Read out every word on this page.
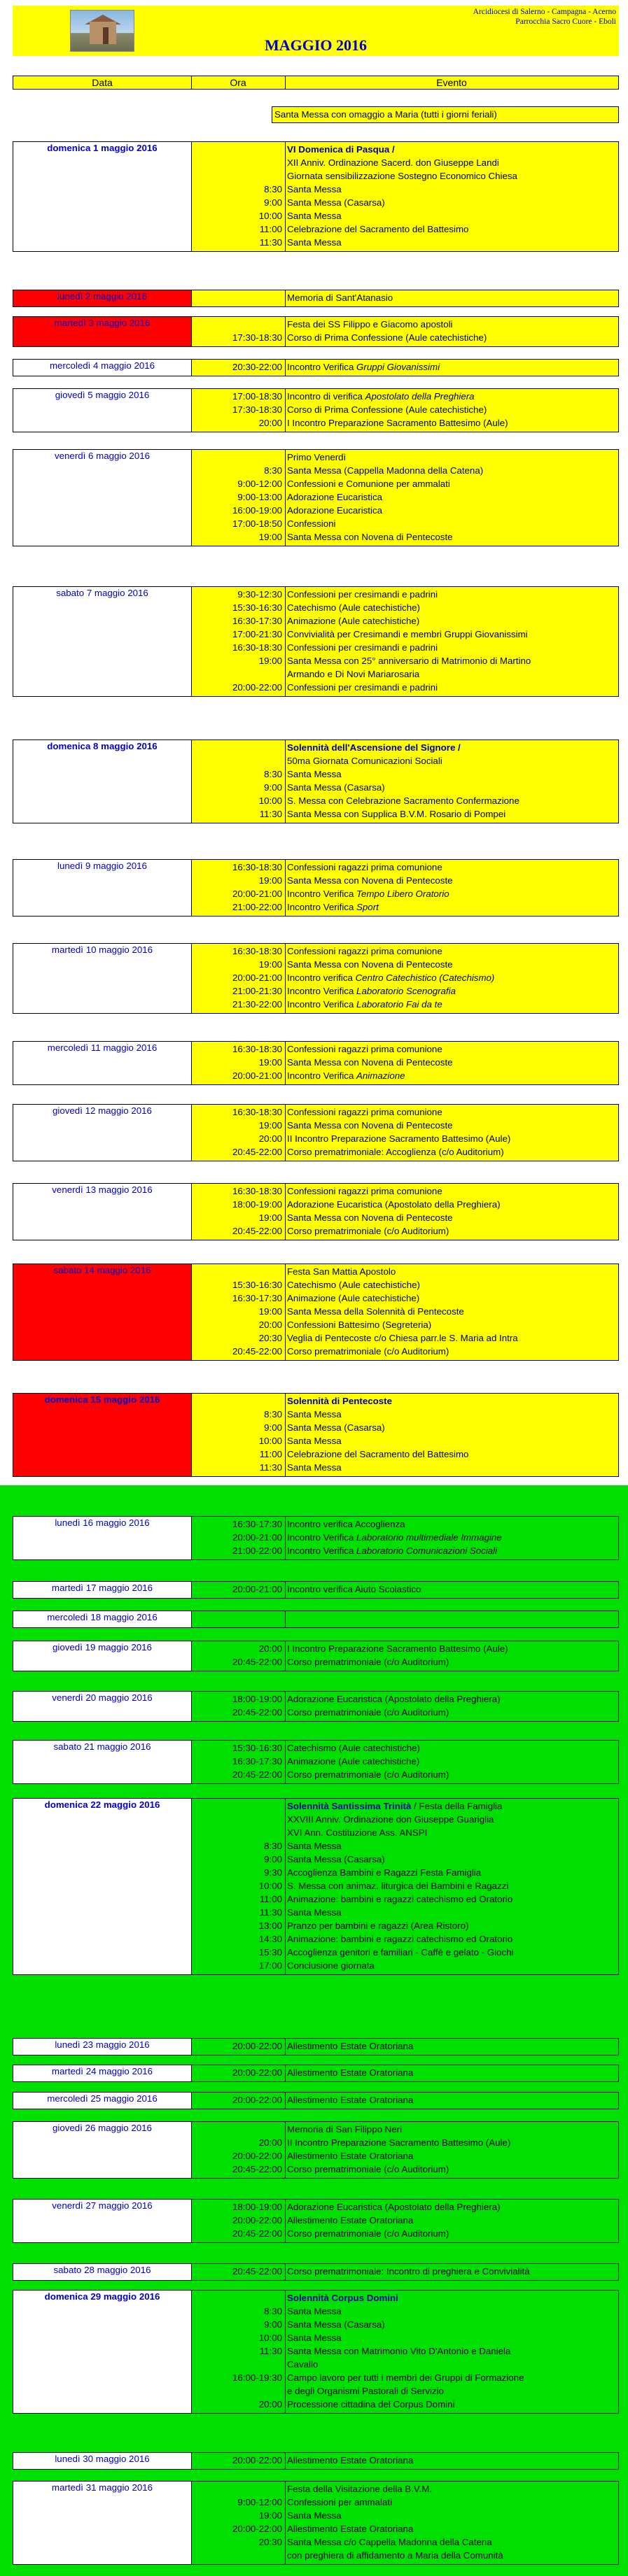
Arcidiocesi di Salerno - Campagna - Acerno
Parrocchia Sacro Cuore - Eboli
MAGGIO 2016
Data	Ora	Evento
Santa Messa con omaggio a Maria (tutti i giorni feriali)
domenica 1 maggio 2016	VI Domenica di Pasqua /
XII Anniv. Ordinazione Sacerd. don Giuseppe Landi
Giornata sensibilizzazione Sostegno Economico Chiesa
8:30 Santa Messa
9:00 Santa Messa (Casarsa)
10:00 Santa Messa
11:00 Celebrazione del Sacramento del Battesimo
11:30 Santa Messa
lunedì 2 maggio 2016	Memoria di Sant'Atanasio
martedì 3 maggio 2016	Festa dei SS Filippo e Giacomo apostoli
17:30-18:30 Corso di Prima Confessione (Aule catechistiche)
mercoledì 4 maggio 2016	20:30-22:00 Incontro Verifica Gruppi Giovanissimi
giovedì 5 maggio 2016	17:00-18:30 Incontro di verifica Apostolato della Preghiera
17:30-18:30 Corso di Prima Confessione (Aule catechistiche)
20:00 I Incontro Preparazione Sacramento Battesimo (Aule)
venerdì 6 maggio 2016	Primo Venerdì
8:30 Santa Messa (Cappella Madonna della Catena)
9:00-12:00 Confessioni e Comunione per ammalati
9:00-13:00 Adorazione Eucaristica
16:00-19:00 Adorazione Eucaristica
17:00-18:50 Confessioni
19:00 Santa Messa con Novena di Pentecoste
sabato 7 maggio 2016	9:30-12:30 Confessioni per cresimandi e padrini
15:30-16:30 Catechismo (Aule catechistiche)
16:30-17:30 Animazione (Aule catechistiche)
17:00-21:30 Convivialità per Cresimandi e membri Gruppi Giovanissimi
16:30-18:30 Confessioni per cresimandi e padrini
19:00 Santa Messa con 25° anniversario di Matrimonio di Martino
Armando e Di Novi Mariarosaria
20:00-22:00 Confessioni per cresimandi e padrini
domenica 8 maggio 2016	Solennità dell'Ascensione del Signore /
50ma Giornata Comunicazioni Sociali
8:30 Santa Messa
9:00 Santa Messa (Casarsa)
10:00 S. Messa con Celebrazione Sacramento Confermazione
11:30 Santa Messa con Supplica B.V.M. Rosario di Pompei
lunedì 9 maggio 2016	16:30-18:30 Confessioni ragazzi prima comunione
19:00 Santa Messa con Novena di Pentecoste
20:00-21:00 Incontro Verifica Tempo Libero Oratorio
21:00-22:00 Incontro Verifica Sport
martedì 10 maggio 2016	16:30-18:30 Confessioni ragazzi prima comunione
19:00 Santa Messa con Novena di Pentecoste
20:00-21:00 Incontro verifica Centro Catechistico (Catechismo)
21:00-21:30 Incontro Verifica Laboratorio Scenografia
21:30-22:00 Incontro Verifica Laboratorio Fai da te
mercoledì 11 maggio 2016	16:30-18:30 Confessioni ragazzi prima comunione
19:00 Santa Messa con Novena di Pentecoste
20:00-21:00 Incontro Verifica Animazione
giovedì 12 maggio 2016	16:30-18:30 Confessioni ragazzi prima comunione
19:00 Santa Messa con Novena di Pentecoste
20:00 II Incontro Preparazione Sacramento Battesimo (Aule)
20:45-22:00 Corso prematrimoniale: Accoglienza (c/o Auditorium)
venerdì 13 maggio 2016	16:30-18:30 Confessioni ragazzi prima comunione
18:00-19:00 Adorazione Eucaristica (Apostolato della Preghiera)
19:00 Santa Messa con Novena di Pentecoste
20:45-22:00 Corso prematrimoniale (c/o Auditorium)
sabato 14 maggio 2016	Festa San Mattia Apostolo
15:30-16:30 Catechismo (Aule catechistiche)
16:30-17:30 Animazione (Aule catechistiche)
19:00 Santa Messa della Solennità di Pentecoste
20:00 Confessioni Battesimo (Segreteria)
20:30 Veglia di Pentecoste c/o Chiesa parr.le S. Maria ad Intra
20:45-22:00 Corso prematrimoniale (c/o Auditorium)
domenica 15 maggio 2016	Solennità di Pentecoste
8:30 Santa Messa
9:00 Santa Messa (Casarsa)
10:00 Santa Messa
11:00 Celebrazione del Sacramento del Battesimo
11:30 Santa Messa
lunedì 16 maggio 2016	16:30-17:30 Incontro verifica Accoglienza
20:00-21:00 Incontro Verifica Laboratorio multimediale Immagine
21:00-22:00 Incontro Verifica Laboratorio Comunicazioni Sociali
martedì 17 maggio 2016	20:00-21:00 Incontro verifica Aiuto Scolastico
mercoledì 18 maggio 2016
giovedì 19 maggio 2016	20:00 I Incontro Preparazione Sacramento Battesimo (Aule)
20:45-22:00 Corso prematrimoniale (c/o Auditorium)
venerdì 20 maggio 2016	18:00-19:00 Adorazione Eucaristica (Apostolato della Preghiera)
20:45-22:00 Corso prematrimoniale (c/o Auditorium)
sabato 21 maggio 2016	15:30-16:30 Catechismo (Aule catechistiche)
16:30-17:30 Animazione (Aule catechistiche)
20:45-22:00 Corso prematrimoniale (c/o Auditorium)
domenica 22 maggio 2016	Solennità Santissima Trinità / Festa della Famiglia
XXVIII Anniv. Ordinazione don Giuseppe Guariglia
XVI Ann. Costituzione Ass. ANSPI
8:30 Santa Messa
9:00 Santa Messa (Casarsa)
9:30 Accoglienza Bambini e Ragazzi Festa Famiglia
10:00 S. Messa con animaz. liturgica dei Bambini e Ragazzi
11:00 Animazione: bambini e ragazzi catechismo ed Oratorio
11:30 Santa Messa
13:00 Pranzo per bambini e ragazzi (Area Ristoro)
14:30 Animazione: bambini e ragazzi catechismo ed Oratorio
15:30 Accoglienza genitori e familiari - Caffè e gelato - Giochi
17:00 Conclusione giornata
lunedì 23 maggio 2016	20:00-22:00 Allestimento Estate Oratoriana
martedì 24 maggio 2016	20:00-22:00 Allestimento Estate Oratoriana
mercoledì 25 maggio 2016	20:00-22:00 Allestimento Estate Oratoriana
giovedì 26 maggio 2016	Memoria di San Filippo Neri
20:00 II Incontro Preparazione Sacramento Battesimo (Aule)
20:00-22:00 Allestimento Estate Oratoriana
20:45-22:00 Corso prematrimoniale (c/o Auditorium)
venerdì 27 maggio 2016	18:00-19:00 Adorazione Eucaristica (Apostolato della Preghiera)
20:00-22:00 Allestimento Estate Oratoriana
20:45-22:00 Corso prematrimoniale (c/o Auditorium)
sabato 28 maggio 2016	20:45-22:00 Corso prematrimoniale: Incontro di preghiera e Convivialità
domenica 29 maggio 2016	Solennità Corpus Domini
8:30 Santa Messa
9:00 Santa Messa (Casarsa)
10:00 Santa Messa
11:30 Santa Messa con Matrimonio Vito D'Antonio e Daniela
Cavallo
16:00-19:30 Campo lavoro per tutti i membri dei Gruppi di Formazione
e degli Organismi Pastorali di Servizio
20:00 Processione cittadina del Corpus Domini
lunedì 30 maggio 2016	20:00-22:00 Allestimento Estate Oratoriana
martedì 31 maggio 2016	Festa della Visitazione della B.V.M.
9:00-12:00 Confessioni per ammalati
19:00 Santa Messa
20:00-22:00 Allestimento Estate Oratoriana
20:30 Santa Messa c/o Cappella Madonna della Catena
con preghiera di affidamento a Maria della Comunità
